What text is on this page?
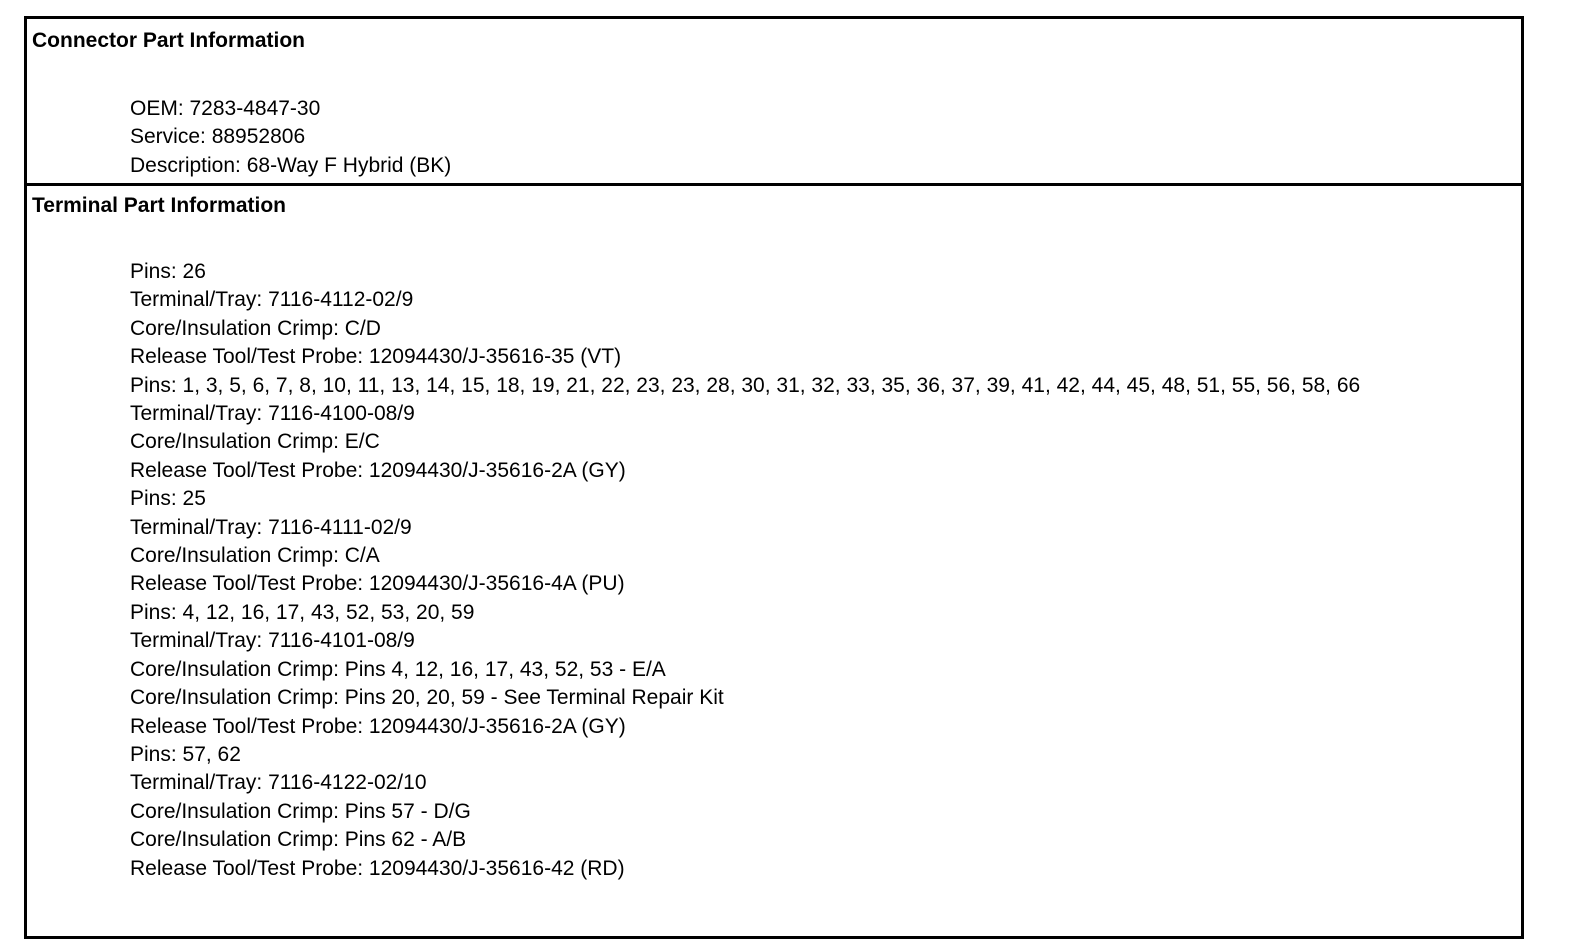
Connector Part Information
OEM: 7283-4847-30
Service: 88952806
Description: 68-Way F Hybrid (BK)
Terminal Part Information
Pins: 26
Terminal/Tray: 7116-4112-02/9
Core/Insulation Crimp: C/D
Release Tool/Test Probe: 12094430/J-35616-35 (VT)
Pins: 1, 3, 5, 6, 7, 8, 10, 11, 13, 14, 15, 18, 19, 21, 22, 23, 23, 28, 30, 31, 32, 33, 35, 36, 37, 39, 41, 42, 44, 45, 48, 51, 55, 56, 58, 66
Terminal/Tray: 7116-4100-08/9
Core/Insulation Crimp: E/C
Release Tool/Test Probe: 12094430/J-35616-2A (GY)
Pins: 25
Terminal/Tray: 7116-4111-02/9
Core/Insulation Crimp: C/A
Release Tool/Test Probe: 12094430/J-35616-4A (PU)
Pins: 4, 12, 16, 17, 43, 52, 53, 20, 59
Terminal/Tray: 7116-4101-08/9
Core/Insulation Crimp: Pins 4, 12, 16, 17, 43, 52, 53 - E/A
Core/Insulation Crimp: Pins 20, 20, 59 - See Terminal Repair Kit
Release Tool/Test Probe: 12094430/J-35616-2A (GY)
Pins: 57, 62
Terminal/Tray: 7116-4122-02/10
Core/Insulation Crimp: Pins 57 - D/G
Core/Insulation Crimp: Pins 62 - A/B
Release Tool/Test Probe: 12094430/J-35616-42 (RD)
